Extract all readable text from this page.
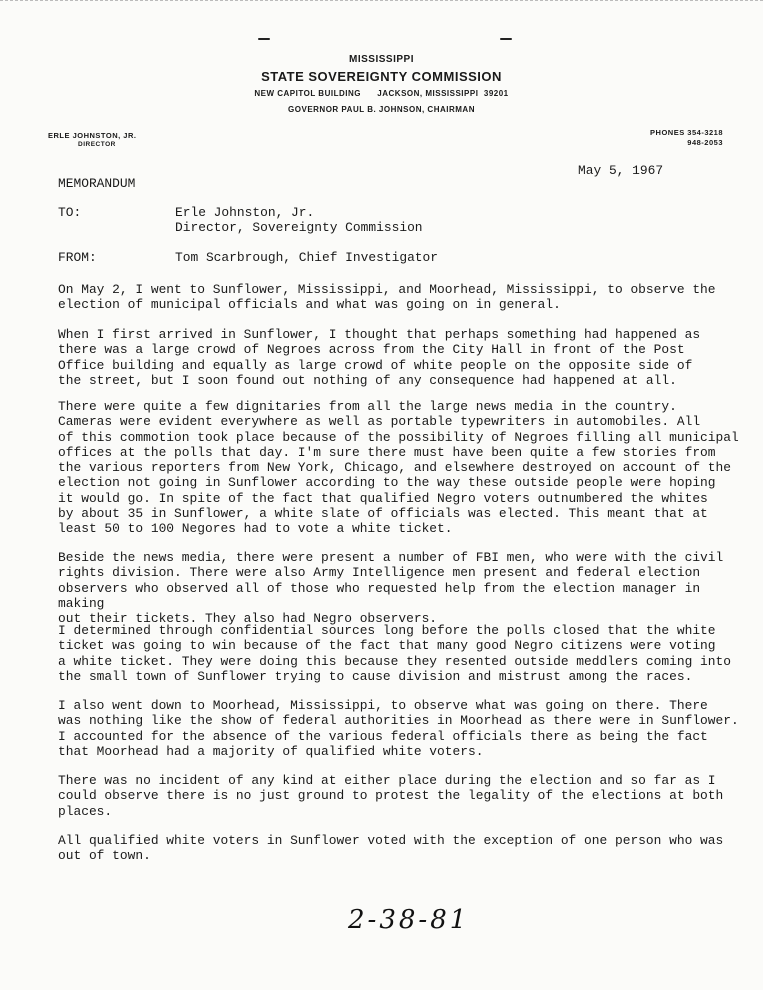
MISSISSIPPI
STATE SOVEREIGNTY COMMISSION
NEW CAPITOL BUILDING      JACKSON, MISSISSIPPI  39201
GOVERNOR PAUL B. JOHNSON, CHAIRMAN
ERLE JOHNSTON, JR.
DIRECTOR
PHONES 354-3218
948-2053
May 5, 1967
MEMORANDUM
TO:	Erle Johnston, Jr.
Director, Sovereignty Commission
FROM:	Tom Scarbrough, Chief Investigator
On May 2, I went to Sunflower, Mississippi, and Moorhead, Mississippi, to observe the
election of municipal officials and what was going on in general.
When I first arrived in Sunflower, I thought that perhaps something had happened as
there was a large crowd of Negroes across from the City Hall in front of the Post
Office building and equally as large crowd of white people on the opposite side of
the street, but I soon found out nothing of any consequence had happened at all.
There were quite a few dignitaries from all the large news media in the country.
Cameras were evident everywhere as well as portable typewriters in automobiles. All
of this commotion took place because of the possibility of Negroes filling all municipal
offices at the polls that day. I'm sure there must have been quite a few stories from
the various reporters from New York, Chicago, and elsewhere destroyed on account of the
election not going in Sunflower according to the way these outside people were hoping
it would go. In spite of the fact that qualified Negro voters outnumbered the whites
by about 35 in Sunflower, a white slate of officials was elected. This meant that at
least 50 to 100 Negores had to vote a white ticket.
Beside the news media, there were present a number of FBI men, who were with the civil
rights division. There were also Army Intelligence men present and federal election
observers who observed all of those who requested help from the election manager in making
out their tickets. They also had Negro observers.
I determined through confidential sources long before the polls closed that the white
ticket was going to win because of the fact that many good Negro citizens were voting
a white ticket. They were doing this because they resented outside meddlers coming into
the small town of Sunflower trying to cause division and mistrust among the races.
I also went down to Moorhead, Mississippi, to observe what was going on there. There
was nothing like the show of federal authorities in Moorhead as there were in Sunflower.
I accounted for the absence of the various federal officials there as being the fact
that Moorhead had a majority of qualified white voters.
There was no incident of any kind at either place during the election and so far as I
could observe there is no just ground to protest the legality of the elections at both
places.
All qualified white voters in Sunflower voted with the exception of one person who was
out of town.
2-38-81
